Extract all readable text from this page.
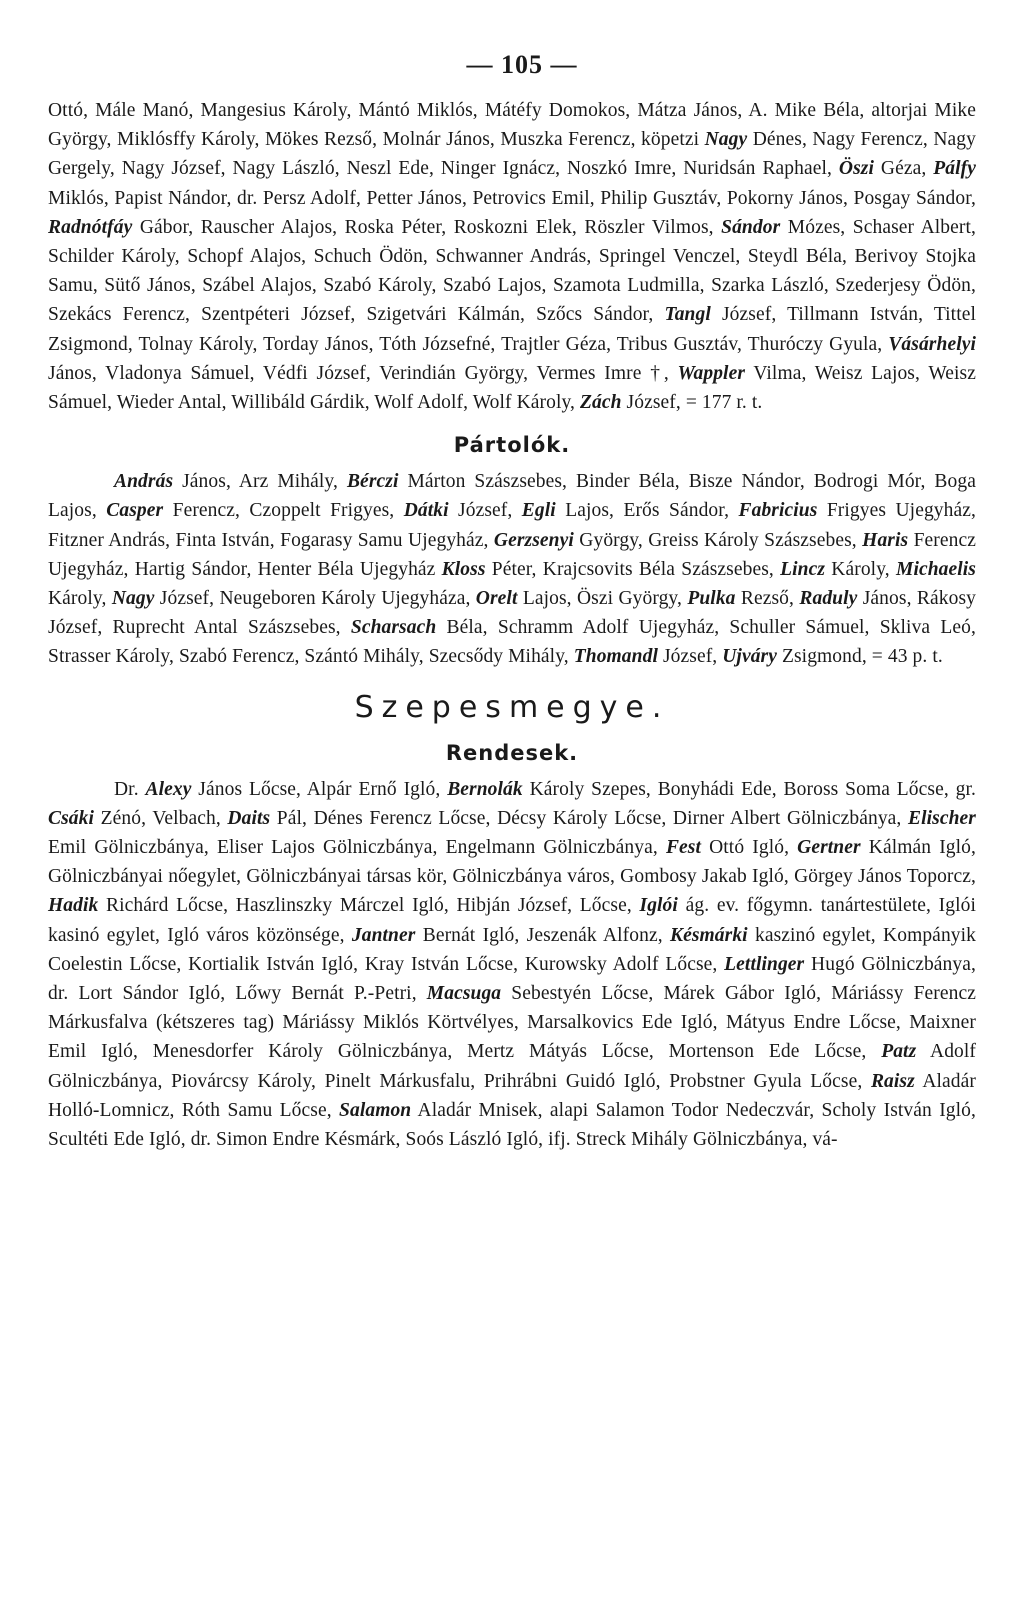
— 105 —

Ottó, Mále Manó, Mangesius Károly, Mántó Miklós, Mátéfy Domokos, Mátza János, A. Mike Béla, altorjai Mike György, Miklósffy Károly, Mökes Rezső, Molnár János, Muszka Ferencz, köpetzi Nagy Dénes, Nagy Ferencz, Nagy Gergely, Nagy József, Nagy László, Neszl Ede, Ninger Ignácz, Noszkó Imre, Nuridsán Raphael, Öszi Géza, Pálfy Miklós, Papist Nándor, dr. Persz Adolf, Petter János, Petrovics Emil, Philip Gusztáv, Pokorny János, Posgay Sándor, Radnótfáy Gábor, Rauscher Alajos, Roska Péter, Roskozni Elek, Röszler Vilmos, Sándor Mózes, Schaser Albert, Schilder Károly, Schopf Alajos, Schuch Ödön, Schwanner András, Springel Venczel, Steydl Béla, Berivoy Stojka Samu, Sütő János, Szábel Alajos, Szabó Károly, Szabó Lajos, Szamota Ludmilla, Szarka László, Szederjesy Ödön, Szekács Ferencz, Szentpéteri József, Szigetvári Kálmán, Szőcs Sándor, Tangl József, Tillmann István, Tittel Zsigmond, Tolnay Károly, Torday János, Tóth Józsefné, Trajtler Géza, Tribus Gusztáv, Thuróczy Gyula, Vásárhelyi János, Vladonya Sámuel, Védfi József, Verindián György, Vermes Imre †, Wappler Vilma, Weisz Lajos, Weisz Sámuel, Wieder Antal, Willibáld Gárdik, Wolf Adolf, Wolf Károly, Zách József, = 177 r. t.

Pártolók.

András János, Arz Mihály, Bérczi Márton Szászsebes, Binder Béla, Bisze Nándor, Bodrogi Mór, Boga Lajos, Casper Ferencz, Czoppelt Frigyes, Dátki József, Egli Lajos, Erős Sándor, Fabricius Frigyes Ujegyház, Fitzner András, Finta István, Fogarasy Samu Ujegyház, Gerzsenyi György, Greiss Károly Szászsebes, Haris Ferencz Ujegyház, Hartig Sándor, Henter Béla Ujegyház Kloss Péter, Krajcsovits Béla Szászsebes, Lincz Károly, Michaelis Károly, Nagy József, Neugeboren Károly Ujegyháza, Orelt Lajos, Öszi György, Pulka Rezső, Raduly János, Rákosy József, Ruprecht Antal Szászsebes, Scharsach Béla, Schramm Adolf Ujegyház, Schuller Sámuel, Skliva Leó, Strasser Károly, Szabó Ferencz, Szántó Mihály, Szecsődy Mihály, Thomandl József, Ujváry Zsigmond, = 43 p. t.

Szepesmegye.
Rendesek.

Dr. Alexy János Lőcse, Alpár Ernő Igló, Bernolák Károly Szepes, Bonyhádi Ede, Boross Soma Lőcse, gr. Csáki Zénó, Velbach, Daits Pál, Dénes Ferencz Lőcse, Décsy Károly Lőcse, Dirner Albert Gölniczbánya, Elischer Emil Gölniczbánya, Eliser Lajos Gölniczbánya, Engelmann Gölniczbánya, Fest Ottó Igló, Gertner Kálmán Igló, Gölniczbányai nőegylet, Gölniczbányai társas kör, Gölniczbánya város, Gombosy Jakab Igló, Görgey János Toporcz, Hadik Richárd Lőcse, Haszlinszky Márczel Igló, Hibján József, Lőcse, Iglói ág. ev. főgymn. tanártestülete, Iglói kasinó egylet, Igló város közönsége, Jantner Bernát Igló, Jeszenák Alfonz, Késmárki kaszinó egylet, Kompányik Coelestin Lőcse, Kortialik István Igló, Kray István Lőcse, Kurowsky Adolf Lőcse, Lettlinger Hugó Gölniczbánya, dr. Lort Sándor Igló, Lőwy Bernát P.-Petri, Macsuga Sebestyén Lőcse, Márek Gábor Igló, Máriássy Ferencz Márkusfalva (kétszeres tag) Máriássy Miklós Körtvélyes, Marsalkovics Ede Igló, Mátyus Endre Lőcse, Maixner Emil Igló, Menesdorfer Károly Gölniczbánya, Mertz Mátyás Lőcse, Mortenson Ede Lőcse, Patz Adolf Gölniczbánya, Piovárcsy Károly, Pinelt Márkusfalu, Prihrábni Guidó Igló, Probstner Gyula Lőcse, Raisz Aladár Holló-Lomnicz, Róth Samu Lőcse, Salamon Aladár Mnisek, alapi Salamon Todor Nedeczvár, Scholy István Igló, Scultéti Ede Igló, dr. Simon Endre Késmárk, Soós László Igló, ifj. Streck Mihály Gölniczbánya, vá-
